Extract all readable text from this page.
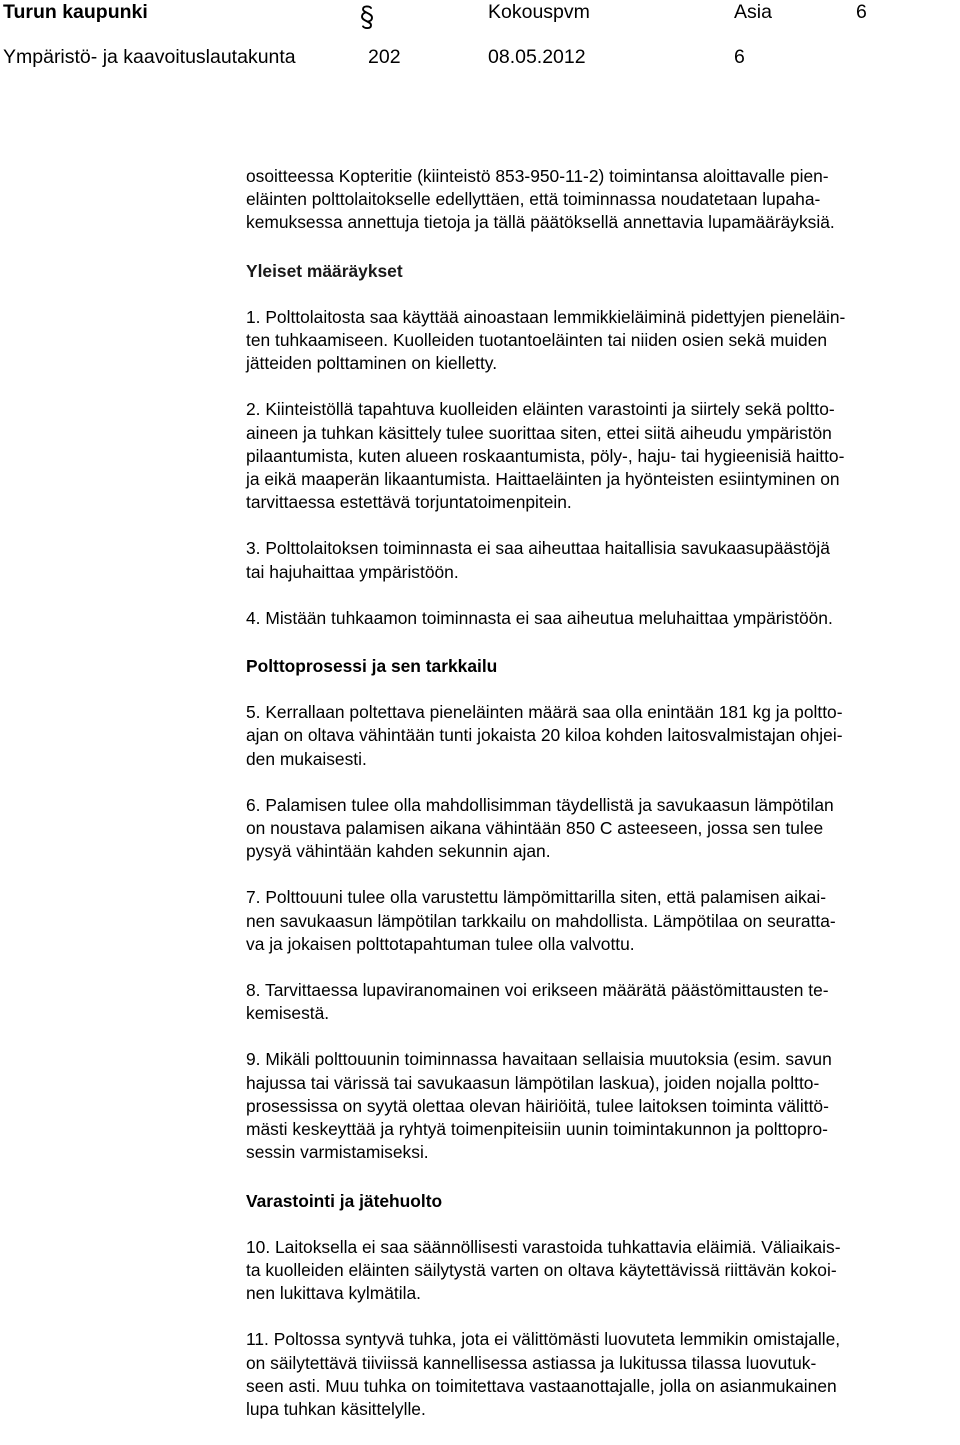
Turun kaupunki	Kokouspvm	Asia	6
Ympäristö- ja kaavoituslautakunta	202	08.05.2012	6

osoitteessa Kopteritie (kiinteistö 853-950-11-2) toimintansa aloittavalle pien-
eläinten polttolaitokselle edellyttäen, että toiminnassa noudatetaan lupaha-
kemuksessa annettuja tietoja ja tällä päätöksellä annettavia lupamääräyksiä.

Yleiset määräykset

1. Polttolaitosta saa käyttää ainoastaan lemmikkieläiminä pidettyjen pieneläin-
ten tuhkaamiseen. Kuolleiden tuotantoeläinten tai niiden osien sekä muiden
jätteiden polttaminen on kielletty.

2. Kiinteistöllä tapahtuva kuolleiden eläinten varastointi ja siirtely sekä poltto-
aineen ja tuhkan käsittely tulee suorittaa siten, ettei siitä aiheudu ympäristön
pilaantumista, kuten alueen roskaantumista, pöly-, haju- tai hygieenisiä haitto-
ja eikä maaperän likaantumista. Haittaeläinten ja hyönteisten esiintyminen on
tarvittaessa estettävä torjuntatoimenpitein.

3. Polttolaitoksen toiminnasta ei saa aiheuttaa haitallisia savukaasupäästöjä
tai hajuhaittaa ympäristöön.

4. Mistään tuhkaamon toiminnasta ei saa aiheutua meluhaittaa ympäristöön.

Polttoprosessi ja sen tarkkailu

5. Kerrallaan poltettava pieneläinten määrä saa olla enintään 181 kg ja poltto-
ajan on oltava vähintään tunti jokaista 20 kiloa kohden laitosvalmistajan ohjei-
den mukaisesti.

6. Palamisen tulee olla mahdollisimman täydellistä ja savukaasun lämpötilan
on noustava palamisen aikana vähintään 850 C asteeseen, jossa sen tulee
pysyä vähintään kahden sekunnin ajan.

7. Polttouuni tulee olla varustettu lämpömittarilla siten, että palamisen aikai-
nen savukaasun lämpötilan tarkkailu on mahdollista. Lämpötilaa on seuratta-
va ja jokaisen polttotapahtuman tulee olla valvottu.

8. Tarvittaessa lupaviranomainen voi erikseen määrätä päästömittausten te-
kemisestä.

9. Mikäli polttouunin toiminnassa havaitaan sellaisia muutoksia (esim. savun
hajussa tai värissä tai savukaasun lämpötilan laskua), joiden nojalla poltto-
prosessissa on syytä olettaa olevan häiriöitä, tulee laitoksen toiminta välittö-
mästi keskeyttää ja ryhtyä toimenpiteisiin uunin toimintakunnon ja polttopro-
sessin varmistamiseksi.

Varastointi ja jätehuolto

10. Laitoksella ei saa säännöllisesti varastoida tuhkattavia eläimiä. Väliaikais-
ta kuolleiden eläinten säilytystä varten on oltava käytettävissä riittävän kokoi-
nen lukittava kylmätila.

11. Poltossa syntyvä tuhka, jota ei välittömästi luovuteta lemmikin omistajalle,
on säilytettävä tiiviissä kannellisessa astiassa ja lukitussa tilassa luovutuk-
seen asti. Muu tuhka on toimitettava vastaanottajalle, jolla on asianmukainen
lupa tuhkan käsittelylle.
